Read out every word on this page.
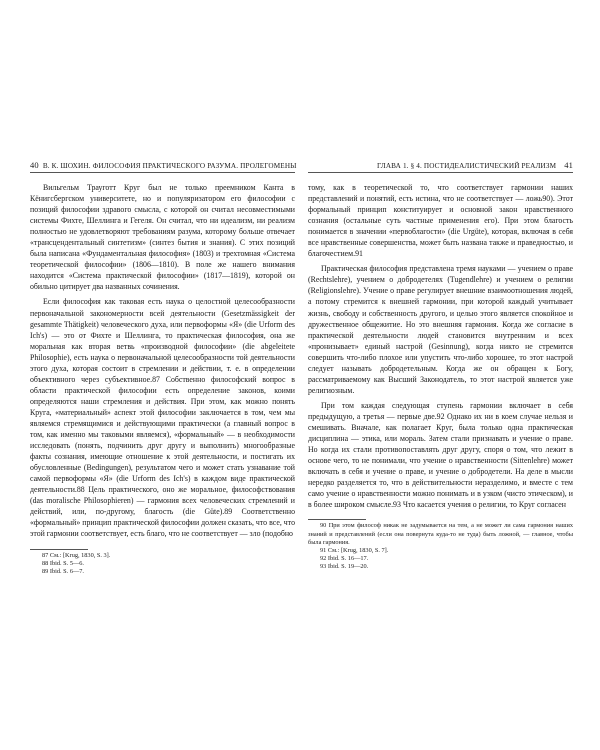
40 В. К. ШОХИН. ФИЛОСОФИЯ ПРАКТИЧЕСКОГО РАЗУМА. ПРОЛЕГОМЕНЫ

Вильгельм Трауготт Круг был не только преемником Канта в Кёнигсбергском университете, но и популяризатором его философии с позиций философии здравого смысла, с которой он считал несовместимыми системы Фихте, Шеллинга и Гегеля. Он считал, что ни идеализм, ни реализм полностью не удовлетворяют требованиям разума, которому больше отвечает «трансцендентальный синтетизм» (синтез бытия и знания). С этих позиций была написана «Фундаментальная философия» (1803) и трехтомная «Система теоретической философии» (1806—1810). В поле же нашего внимания находится «Система практической философии» (1817—1819), которой он обильно цитирует два названных сочинения.

Если философия как таковая есть наука о целостной целесообразности первоначальной закономерности всей деятельности (Gesetzmässigkeit der gesammte Thätigkeit) человеческого духа, или первоформы «Я» (die Urform des Ich's) — это от Фихте и Шеллинга, то практическая философия, она же моральная как вторая ветвь «производной философии» (die abgeleitete Philosophie), есть наука о первоначальной целесообразности той деятельности этого духа, которая состоит в стремлении и действии, т. е. в определении объективного через субъективное.87 Собственно философский вопрос в области практической философии есть определение законов, коими определяются наши стремления и действия. При этом, как можно понять Круга, «материальный» аспект этой философии заключается в том, чем мы являемся стремящимися и действующими практически (а главный вопрос в том, как именно мы таковыми являемся), «формальный» — в необходимости исследовать (понять, подчинить друг другу и выполнить) многообразные факты сознания, имеющие отношение к этой деятельности, и постигать их обусловленные (Bedingungen), результатом чего и может стать узнавание той самой первоформы «Я» (die Urform des Ich's) в каждом виде практической деятельности.88 Цель практического, оно же моральное, философствования (das moralische Philosophieren) — гармония всех человеческих стремлений и действий, или, по-другому, благость (die Güte).89 Соответственно «формальный» принцип практической философии должен сказать, что все, что этой гармонии соответствует, есть благо, что не соответствует — зло (подобно

87 См.: [Krug, 1830, S. 3].

88 Ibid. S. 5—6.

89 Ibid. S. 6—7.

ГЛАВА 1. § 4. ПОСТИДЕАЛИСТИЧЕСКИЙ РЕАЛИЗМ 41

тому, как в теоретической то, что соответствует гармонии наших представлений и понятий, есть истина, что не соответствует — ложь90). Этот формальный принцип конституирует и основной закон нравственного сознания (остальные суть частные применения его). При этом благость понимается в значении «первоблагости» (die Urgüte), которая, включая в себя все нравственные совершенства, может быть названа также и праведностью, и благочестием.91

Практическая философия представлена тремя науками — учением о праве (Rechtslehre), учением о добродетелях (Tugendlehre) и учением о религии (Religionslehre). Учение о праве регулирует внешние взаимоотношения людей, а потому стремится к внешней гармонии, при которой каждый учитывает жизнь, свободу и собственность другого, и целью этого является спокойное и дружественное общежитие. Но это внешняя гармония. Когда же согласие в практической деятельности людей становится внутренним и всех «пронизывает» единый настрой (Gesinnung), когда никто не стремится совершить что-либо плохое или упустить что-либо хорошее, то этот настрой следует называть добродетельным. Когда же он обращен к Богу, рассматриваемому как Высший Законодатель, то этот настрой является уже религиозным.

При том каждая следующая ступень гармонии включает в себя предыдущую, а третья — первые две.92 Однако их ни в коем случае нельзя и смешивать. Вначале, как полагает Круг, была только одна практическая дисциплина — этика, или мораль. Затем стали признавать и учение о праве. Но когда их стали противопоставлять друг другу, споря о том, что лежит в основе чего, то не понимали, что учение о нравственности (Sittenlehre) может включать в себя и учение о праве, и учение о добродетели. На деле в мысли нередко разделяется то, что в действительности неразделимо, и вместе с тем само учение о нравственности можно понимать и в узком (чисто этическом), и в более широком смысле.93 Что касается учения о религии, то Круг согласен

90 При этом философ никак не задумывается на тем, а не может ли сама гармония наших знаний и представлений (если она повернута куда-то не туда) быть ложной, — главное, чтобы была гармония.

91 См.: [Krug, 1830, S. 7].

92 Ibid. S. 16—17.

93 Ibid. S. 19—20.
